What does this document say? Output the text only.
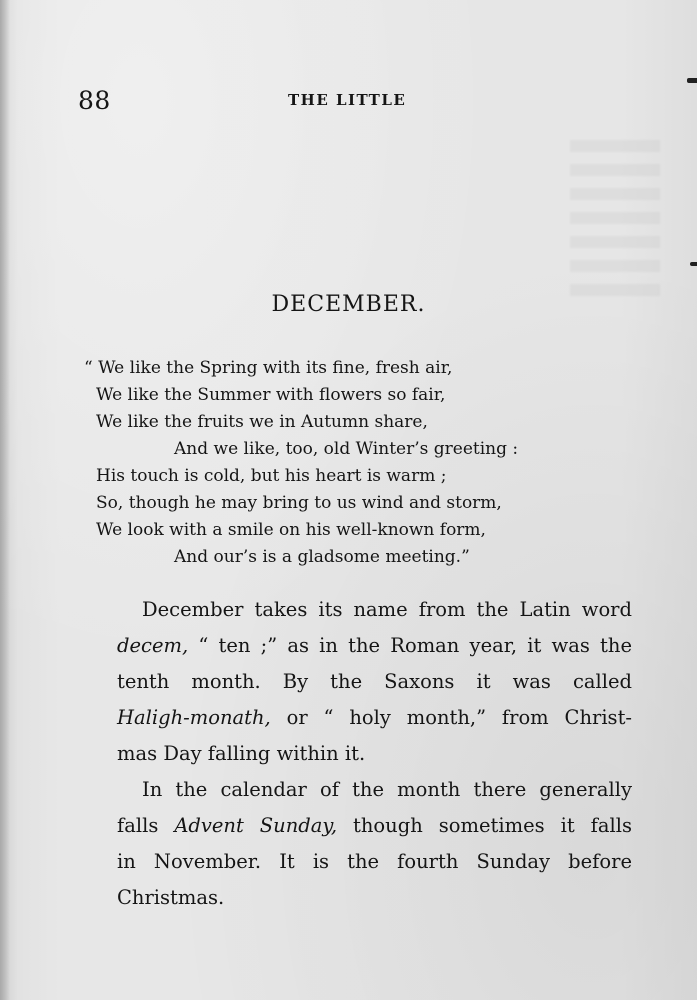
88	THE LITTLE
DECEMBER.
“ We like the Spring with its fine, fresh air,
We like the Summer with flowers so fair,
We like the fruits we in Autumn share,
And we like, too, old Winter’s greeting :
His touch is cold, but his heart is warm ;
So, though he may bring to us wind and storm,
We look with a smile on his well-known form,
And our’s is a gladsome meeting.”
December takes its name from the Latin word
decem, “ ten ;” as in the Roman year, it was the
tenth month. By the Saxons it was called
Haligh-monath, or “ holy month,” from Christ-
mas Day falling within it.
In the calendar of the month there generally
falls Advent Sunday, though sometimes it falls
in November. It is the fourth Sunday before
Christmas.
